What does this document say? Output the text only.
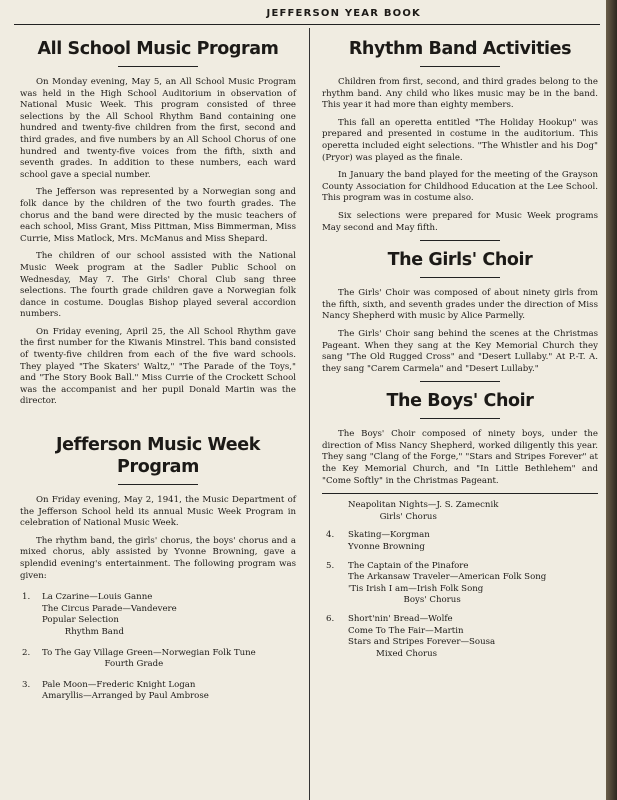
JEFFERSON YEAR BOOK
All School Music Program

On Monday evening, May 5, an All School Music Program was held in the High School Auditorium in observation of National Music Week. This program consisted of three selections by the All School Rhythm Band containing one hundred and twenty-five children from the first, second and third grades, and five numbers by an All School Chorus of one hundred and twenty-five voices from the fifth, sixth and seventh grades. In addition to these numbers, each ward school gave a special number.

The Jefferson was represented by a Norwegian song and folk dance by the children of the two fourth grades. The chorus and the band were directed by the music teachers of each school, Miss Grant, Miss Pittman, Miss Bimmerman, Miss Currie, Miss Matlock, Mrs. McManus and Miss Shepard.

The children of our school assisted with the National Music Week program at the Sadler Public School on Wednesday, May 7. The Girls' Choral Club sang three selections. The fourth grade children gave a Norwegian folk dance in costume. Douglas Bishop played several accordion numbers.

On Friday evening, April 25, the All School Rhythm gave the first number for the Kiwanis Minstrel. This band consisted of twenty-five children from each of the five ward schools. They played "The Skaters' Waltz," "The Parade of the Toys," and "The Story Book Ball." Miss Currie of the Crockett School was the accompanist and her pupil Donald Martin was the director.

Jefferson Music Week Program

On Friday evening, May 2, 1941, the Music Department of the Jefferson School held its annual Music Week Program in celebration of National Music Week.

The rhythm band, the girls' chorus, the boys' chorus and a mixed chorus, ably assisted by Yvonne Browning, gave a splendid evening's entertainment. The following program was given:

1.	La Czarine—Louis Ganne
The Circus Parade—Vandevere
Popular Selection
Rhythm Band
2.	To The Gay Village Green—Norwegian Folk Tune
Fourth Grade
3.	Pale Moon—Frederic Knight Logan
Amaryllis—Arranged by Paul Ambrose
Rhythm Band Activities

Children from first, second, and third grades belong to the rhythm band. Any child who likes music may be in the band. This year it had more than eighty members.

This fall an operetta entitled "The Holiday Hookup" was prepared and presented in costume in the auditorium. This operetta included eight selections. "The Whistler and his Dog" (Pryor) was played as the finale.

In January the band played for the meeting of the Grayson County Association for Childhood Education at the Lee School. This program was in costume also.

Six selections were prepared for Music Week programs May second and May fifth.

The Girls' Choir

The Girls' Choir was composed of about ninety girls from the fifth, sixth, and seventh grades under the direction of Miss Nancy Shepherd with music by Alice Parmelly.

The Girls' Choir sang behind the scenes at the Christmas Pageant. When they sang at the Key Memorial Church they sang "The Old Rugged Cross" and "Desert Lullaby." At P.-T. A. they sang "Carem Carmela" and "Desert Lullaby."

The Boys' Choir

The Boys' Choir composed of ninety boys, under the direction of Miss Nancy Shepherd, worked diligently this year. They sang "Clang of the Forge," "Stars and Stripes Forever" at the Key Memorial Church, and "In Little Bethlehem" and "Come Softly" in the Christmas Pageant.

Neapolitan Nights—J. S. Zamecnik
Girls' Chorus
4.	Skating—Korgman
Yvonne Browning
5.	The Captain of the Pinafore
The Arkansaw Traveler—American Folk Song
'Tis Irish I am—Irish Folk Song
Boys' Chorus
6.	Short'nin' Bread—Wolfe
Come To The Fair—Martin
Stars and Stripes Forever—Sousa
Mixed Chorus
